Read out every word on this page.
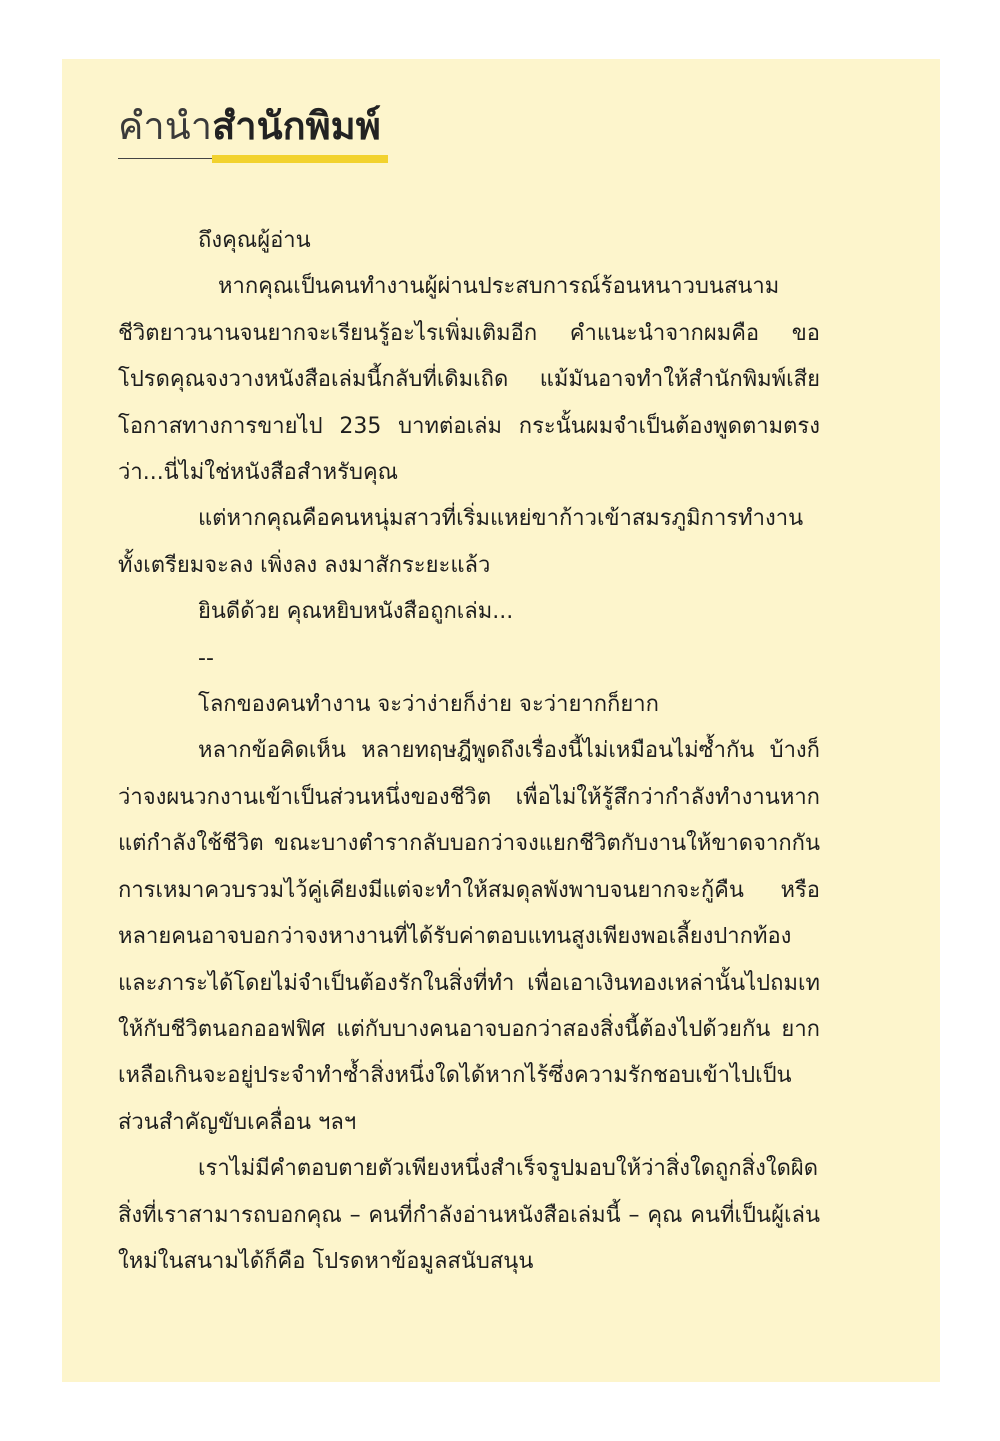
คำนำสำนักพิมพ์

ถึงคุณผู้อ่าน

หากคุณเป็นคนทำงานผู้ผ่านประสบการณ์ร้อนหนาวบนสนามชีวิตยาวนานจนยากจะเรียนรู้อะไรเพิ่มเติมอีก คำแนะนำจากผมคือ ขอโปรดคุณจงวางหนังสือเล่มนี้กลับที่เดิมเถิด แม้มันอาจทำให้สำนักพิมพ์เสียโอกาสทางการขายไป 235 บาทต่อเล่ม กระนั้นผมจำเป็นต้องพูดตามตรงว่า...นี่ไม่ใช่หนังสือสำหรับคุณ

แต่หากคุณคือคนหนุ่มสาวที่เริ่มแหย่ขาก้าวเข้าสมรภูมิการทำงาน ทั้งเตรียมจะลง เพิ่งลง ลงมาสักระยะแล้ว

ยินดีด้วย คุณหยิบหนังสือถูกเล่ม...

--

โลกของคนทำงาน จะว่าง่ายก็ง่าย จะว่ายากก็ยาก

หลากข้อคิดเห็น หลายทฤษฎีพูดถึงเรื่องนี้ไม่เหมือนไม่ซ้ำกัน บ้างก็ว่าจงผนวกงานเข้าเป็นส่วนหนึ่งของชีวิต เพื่อไม่ให้รู้สึกว่ากำลังทำงานหากแต่กำลังใช้ชีวิต ขณะบางตำรากลับบอกว่าจงแยกชีวิตกับงานให้ขาดจากกัน การเหมาควบรวมไว้คู่เคียงมีแต่จะทำให้สมดุลพังพาบจนยากจะกู้คืน หรือหลายคนอาจบอกว่าจงหางานที่ได้รับค่าตอบแทนสูงเพียงพอเลี้ยงปากท้องและภาระได้โดยไม่จำเป็นต้องรักในสิ่งที่ทำ เพื่อเอาเงินทองเหล่านั้นไปถมเทให้กับชีวิตนอกออฟฟิศ แต่กับบางคนอาจบอกว่าสองสิ่งนี้ต้องไปด้วยกัน ยากเหลือเกินจะอยู่ประจำทำซ้ำสิ่งหนึ่งใดได้หากไร้ซึ่งความรักชอบเข้าไปเป็นส่วนสำคัญขับเคลื่อน ฯลฯ

เราไม่มีคำตอบตายตัวเพียงหนึ่งสำเร็จรูปมอบให้ว่าสิ่งใดถูกสิ่งใดผิด สิ่งที่เราสามารถบอกคุณ – คนที่กำลังอ่านหนังสือเล่มนี้ – คุณ คนที่เป็นผู้เล่นใหม่ในสนามได้ก็คือ โปรดหาข้อมูลสนับสนุน
